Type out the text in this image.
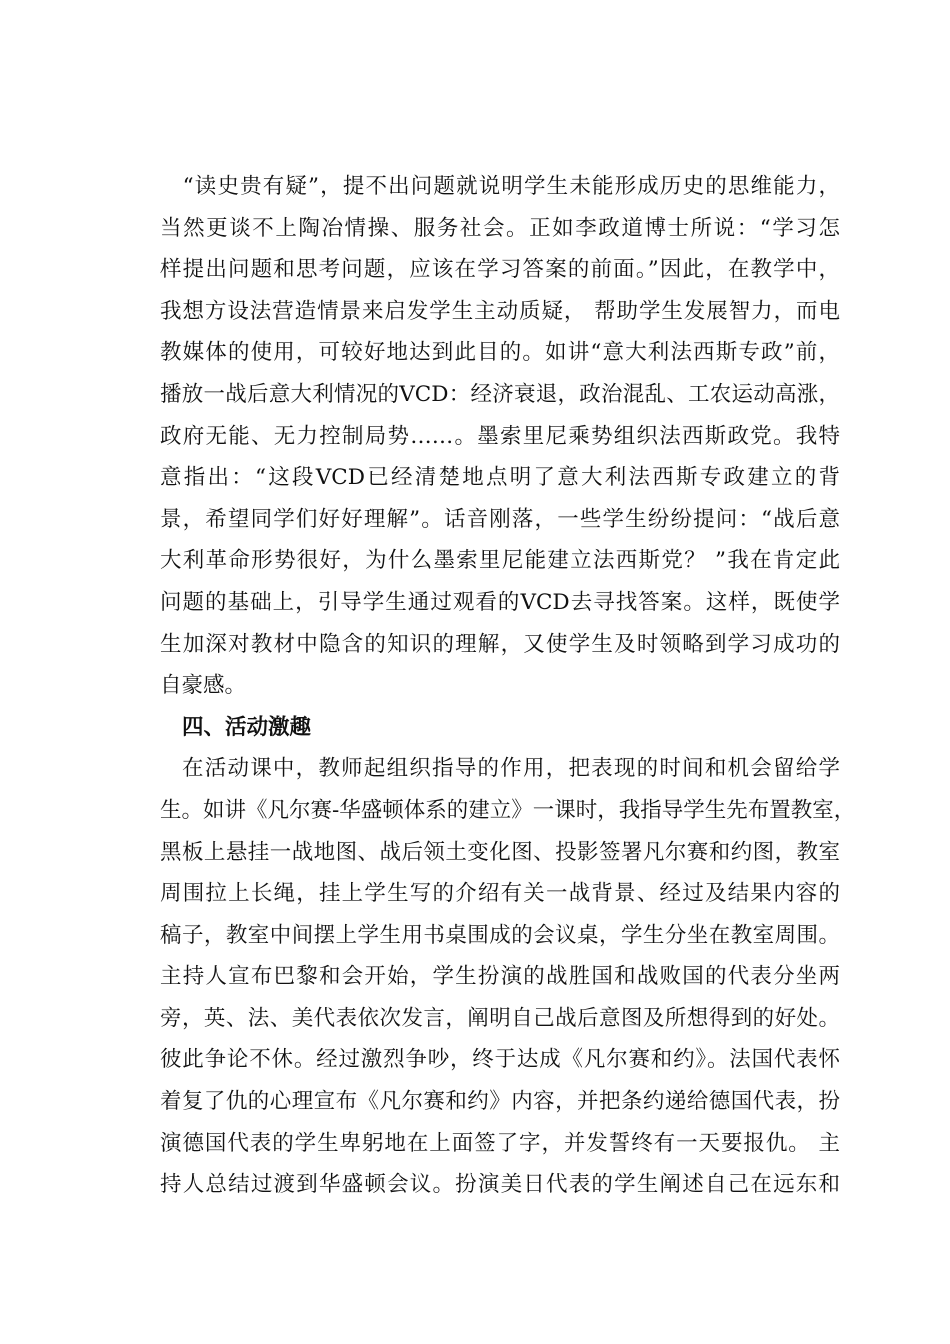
　“读史贵有疑”，提不出问题就说明学生未能形成历史的思维能力，
当然更谈不上陶冶情操、服务社会。正如李政道博士所说：“学习怎
样提出问题和思考问题，应该在学习答案的前面。”因此，在教学中，
我想方设法营造情景来启发学生主动质疑， 帮助学生发展智力，而电
教媒体的使用，可较好地达到此目的。如讲“意大利法西斯专政”前，
播放一战后意大利情况的VCD：经济衰退，政治混乱、工农运动高涨，
政府无能、无力控制局势……。墨索里尼乘势组织法西斯政党。我特
意指出：“这段VCD已经清楚地点明了意大利法西斯专政建立的背
景，希望同学们好好理解”。话音刚落，一些学生纷纷提问：“战后意
大利革命形势很好，为什么墨索里尼能建立法西斯党？ ”我在肯定此
问题的基础上，引导学生通过观看的VCD去寻找答案。这样，既使学
生加深对教材中隐含的知识的理解，又使学生及时领略到学习成功的
自豪感。
四、活动激趣
在活动课中，教师起组织指导的作用，把表现的时间和机会留给学
生。如讲《凡尔赛-华盛顿体系的建立》一课时，我指导学生先布置教室，
黑板上悬挂一战地图、战后领土变化图、投影签署凡尔赛和约图，教室
周围拉上长绳，挂上学生写的介绍有关一战背景、经过及结果内容的
稿子，教室中间摆上学生用书桌围成的会议桌，学生分坐在教室周围。
主持人宣布巴黎和会开始，学生扮演的战胜国和战败国的代表分坐两
旁，英、法、美代表依次发言，阐明自己战后意图及所想得到的好处。
彼此争论不休。经过激烈争吵，终于达成《凡尔赛和约》。法国代表怀
着复了仇的心理宣布《凡尔赛和约》内容，并把条约递给德国代表，扮
演德国代表的学生卑躬地在上面签了字，并发誓终有一天要报仇。 主
持人总结过渡到华盛顿会议。扮演美日代表的学生阐述自己在远东和
